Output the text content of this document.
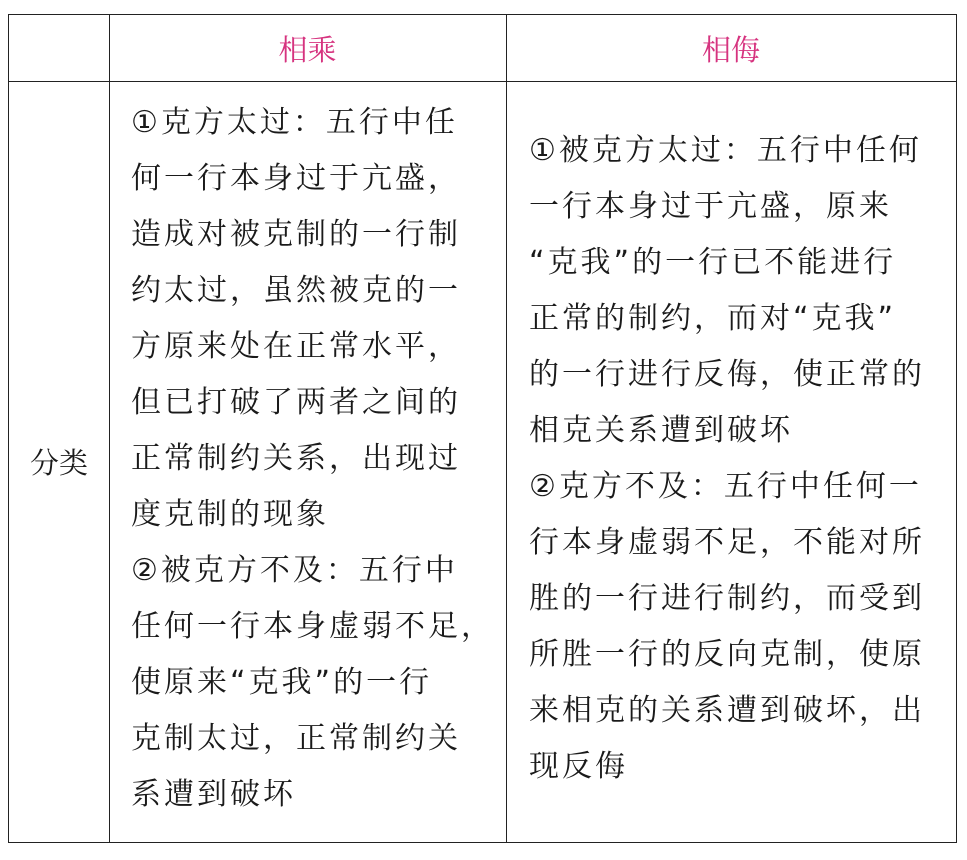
相乘	相侮
分类
①克方太过：五行中任
何一行本身过于亢盛，
造成对被克制的一行制
约太过，虽然被克的一
方原来处在正常水平，
但已打破了两者之间的
正常制约关系，出现过
度克制的现象
②被克方不及：五行中
任何一行本身虚弱不足，
使原来“克我”的一行
克制太过，正常制约关
系遭到破坏
①被克方太过：五行中任何
一行本身过于亢盛，原来
“克我”的一行已不能进行
正常的制约，而对“克我”
的一行进行反侮，使正常的
相克关系遭到破坏
②克方不及：五行中任何一
行本身虚弱不足，不能对所
胜的一行进行制约，而受到
所胜一行的反向克制，使原
来相克的关系遭到破坏，出
现反侮
